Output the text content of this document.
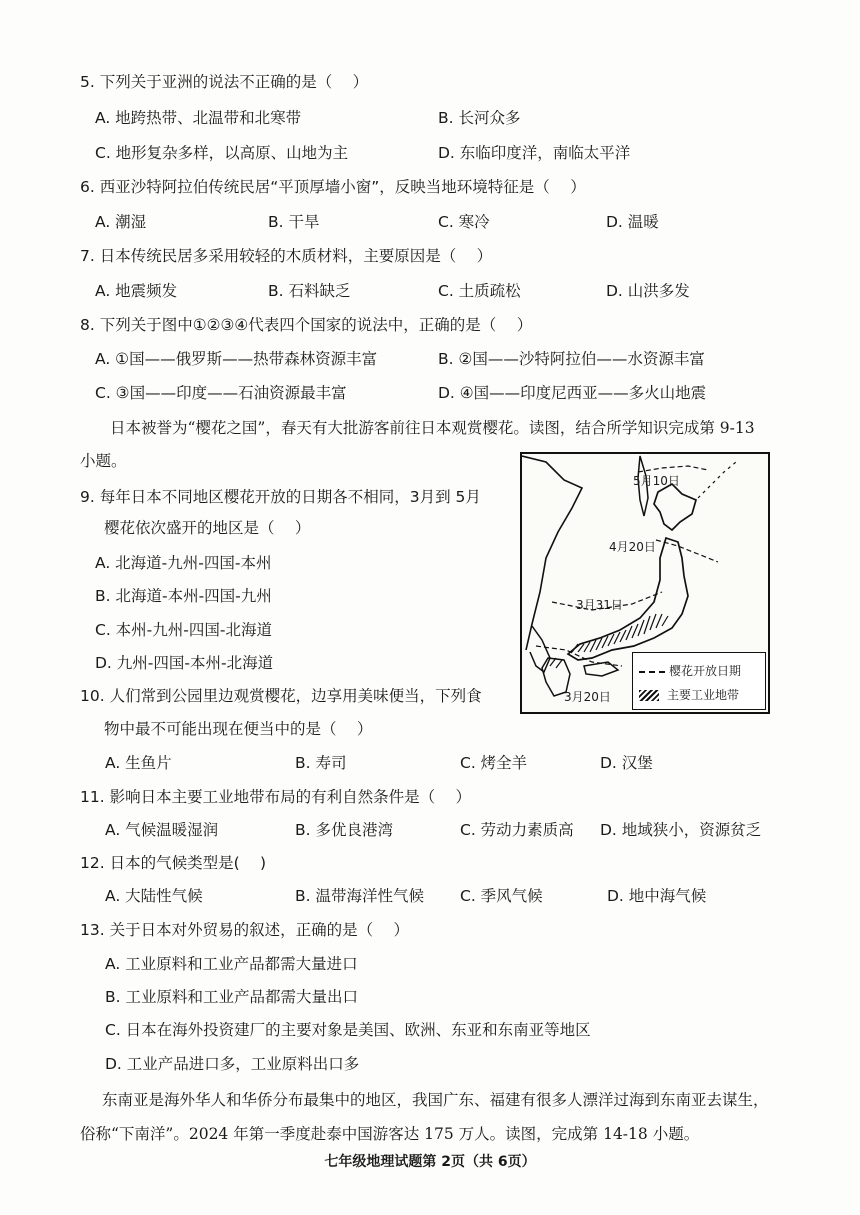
5. 下列关于亚洲的说法不正确的是（　 ）
A. 地跨热带、北温带和北寒带	B. 长河众多
C. 地形复杂多样，以高原、山地为主	D. 东临印度洋，南临太平洋
6. 西亚沙特阿拉伯传统民居“平顶厚墙小窗”，反映当地环境特征是（　 ）
A. 潮湿	B. 干旱	C. 寒冷	D. 温暖
7. 日本传统民居多采用较轻的木质材料，主要原因是（　 ）
A. 地震频发	B. 石料缺乏	C. 土质疏松	D. 山洪多发
8. 下列关于图中①②③④代表四个国家的说法中，正确的是（　 ）
A. ①国——俄罗斯——热带森林资源丰富	B. ②国——沙特阿拉伯——水资源丰富
C. ③国——印度——石油资源最丰富	D. ④国——印度尼西亚——多火山地震
日本被誉为“樱花之国”，春天有大批游客前往日本观赏樱花。读图，结合所学知识完成第 9-13
小题。
9. 每年日本不同地区樱花开放的日期各不相同，3月到 5月
樱花依次盛开的地区是（　 ）
A. 北海道-九州-四国-本州
B. 北海道-本州-四国-九州
C. 本州-九州-四国-北海道
D. 九州-四国-本州-北海道
10. 人们常到公园里边观赏樱花，边享用美味便当，下列食
物中最不可能出现在便当中的是（　 ）
A. 生鱼片	B. 寿司	C. 烤全羊	D. 汉堡
5月10日
4月20日
3月31日
3月20日
樱花开放日期
主要工业地带
11. 影响日本主要工业地带布局的有利自然条件是（　 ）
A. 气候温暖湿润	B. 多优良港湾	C. 劳动力素质高 D. 地域狭小，资源贫乏
12. 日本的气候类型是(　 )
A. 大陆性气候	B. 温带海洋性气候 C. 季风气候	D. 地中海气候
13. 关于日本对外贸易的叙述，正确的是（　 ）
A. 工业原料和工业产品都需大量进口
B. 工业原料和工业产品都需大量出口
C. 日本在海外投资建厂的主要对象是美国、欧洲、东亚和东南亚等地区
D. 工业产品进口多，工业原料出口多
东南亚是海外华人和华侨分布最集中的地区，我国广东、福建有很多人漂洋过海到东南亚去谋生，
俗称“下南洋”。2024 年第一季度赴泰中国游客达 175 万人。读图，完成第 14-18 小题。
七年级地理试题第 2页（共 6页）
